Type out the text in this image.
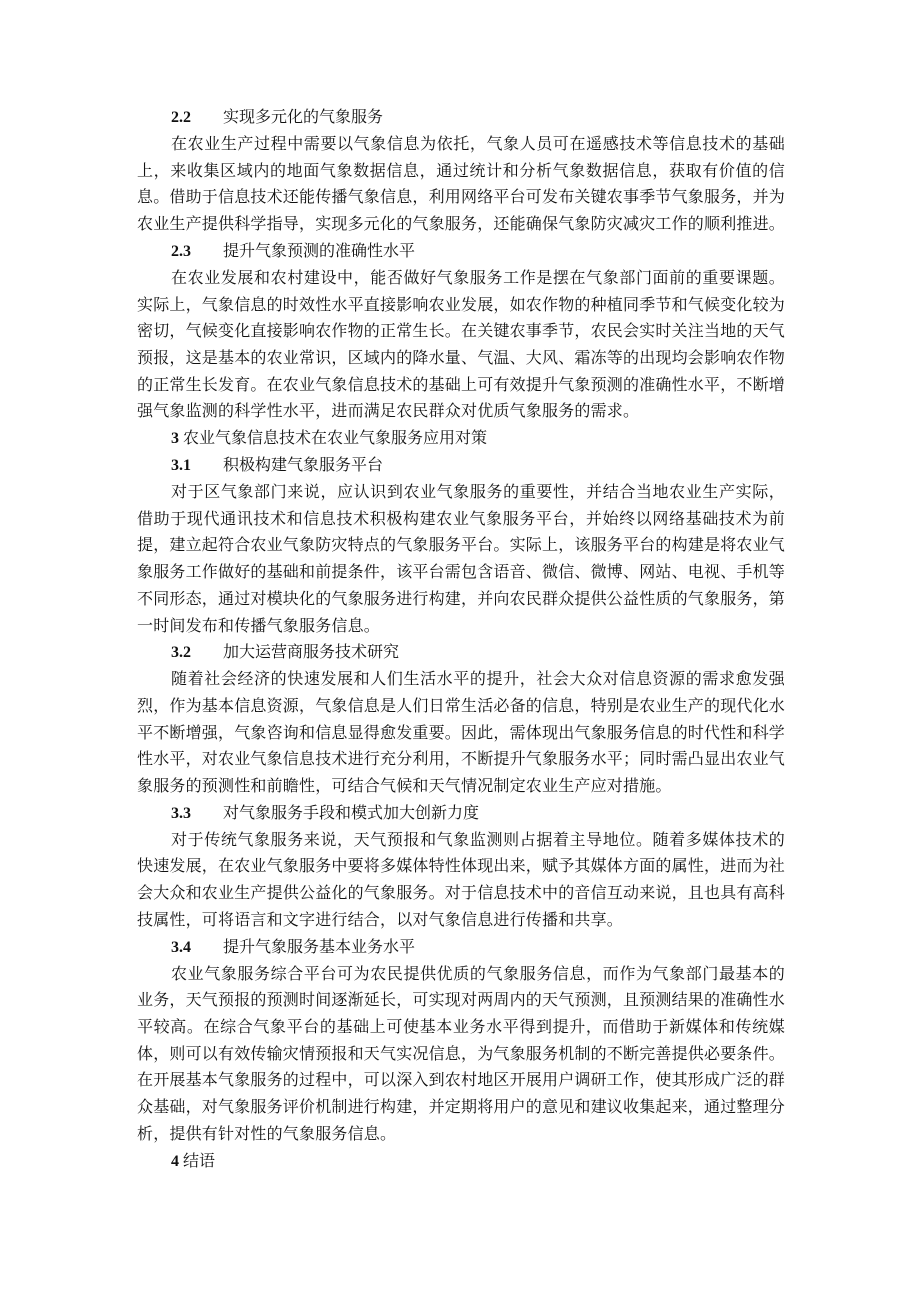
2.2 实现多元化的气象服务

在农业生产过程中需要以气象信息为依托，气象人员可在遥感技术等信息技术的基础上，来收集区域内的地面气象数据信息，通过统计和分析气象数据信息，获取有价值的信息。借助于信息技术还能传播气象信息，利用网络平台可发布关键农事季节气象服务，并为农业生产提供科学指导，实现多元化的气象服务，还能确保气象防灾减灾工作的顺利推进。

2.3 提升气象预测的准确性水平

在农业发展和农村建设中，能否做好气象服务工作是摆在气象部门面前的重要课题。实际上，气象信息的时效性水平直接影响农业发展，如农作物的种植同季节和气候变化较为密切，气候变化直接影响农作物的正常生长。在关键农事季节，农民会实时关注当地的天气预报，这是基本的农业常识，区域内的降水量、气温、大风、霜冻等的出现均会影响农作物的正常生长发育。在农业气象信息技术的基础上可有效提升气象预测的准确性水平，不断增强气象监测的科学性水平，进而满足农民群众对优质气象服务的需求。

3 农业气象信息技术在农业气象服务应用对策
3.1 积极构建气象服务平台

对于区气象部门来说，应认识到农业气象服务的重要性，并结合当地农业生产实际，借助于现代通讯技术和信息技术积极构建农业气象服务平台，并始终以网络基础技术为前提，建立起符合农业气象防灾特点的气象服务平台。实际上，该服务平台的构建是将农业气象服务工作做好的基础和前提条件，该平台需包含语音、微信、微博、网站、电视、手机等不同形态，通过对模块化的气象服务进行构建，并向农民群众提供公益性质的气象服务，第一时间发布和传播气象服务信息。

3.2 加大运营商服务技术研究

随着社会经济的快速发展和人们生活水平的提升，社会大众对信息资源的需求愈发强烈，作为基本信息资源，气象信息是人们日常生活必备的信息，特别是农业生产的现代化水平不断增强，气象咨询和信息显得愈发重要。因此，需体现出气象服务信息的时代性和科学性水平，对农业气象信息技术进行充分利用，不断提升气象服务水平；同时需凸显出农业气象服务的预测性和前瞻性，可结合气候和天气情况制定农业生产应对措施。

3.3 对气象服务手段和模式加大创新力度

对于传统气象服务来说，天气预报和气象监测则占据着主导地位。随着多媒体技术的快速发展，在农业气象服务中要将多媒体特性体现出来，赋予其媒体方面的属性，进而为社会大众和农业生产提供公益化的气象服务。对于信息技术中的音信互动来说，且也具有高科技属性，可将语言和文字进行结合，以对气象信息进行传播和共享。

3.4 提升气象服务基本业务水平

农业气象服务综合平台可为农民提供优质的气象服务信息，而作为气象部门最基本的业务，天气预报的预测时间逐渐延长，可实现对两周内的天气预测，且预测结果的准确性水平较高。在综合气象平台的基础上可使基本业务水平得到提升，而借助于新媒体和传统媒体，则可以有效传输灾情预报和天气实况信息，为气象服务机制的不断完善提供必要条件。在开展基本气象服务的过程中，可以深入到农村地区开展用户调研工作，使其形成广泛的群众基础，对气象服务评价机制进行构建，并定期将用户的意见和建议收集起来，通过整理分析，提供有针对性的气象服务信息。

4 结语
